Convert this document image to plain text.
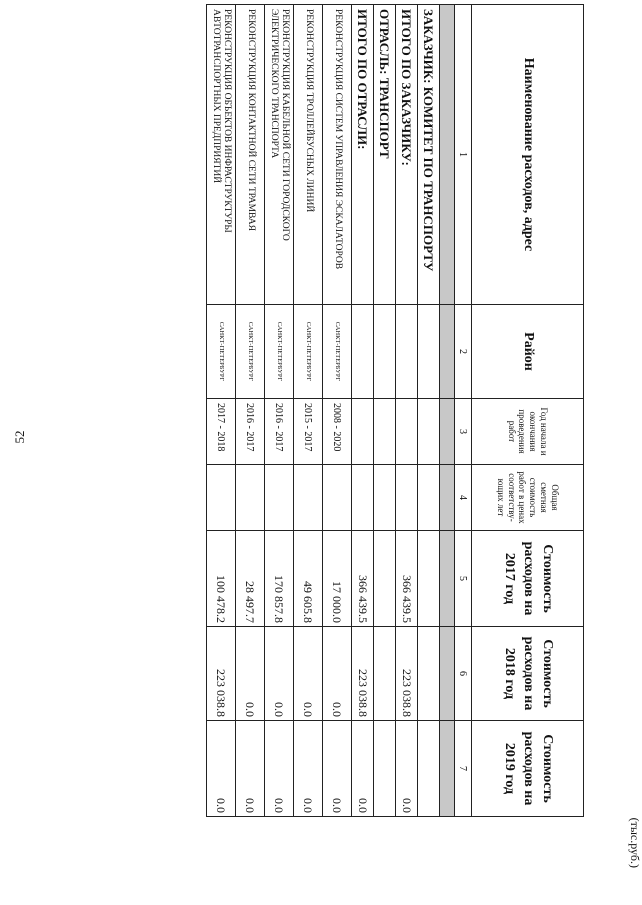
52
(тыс.руб.)
Наименование расходов, адрес	Район	Год начала и окончания проведения работ	Общая сметная стоимость работ в ценах соответству-ющих лет	Стоимость расходов на 2017 год	Стоимость расходов на 2018 год	Стоимость расходов на 2019 год
1	2	3	4	5	6	7

ЗАКАЗЧИК: КОМИТЕТ ПО ТРАНСПОРТУ						
ИТОГО ПО ЗАКАЗЧИКУ:				366 439.5	223 038.8	0.0
ОТРАСЛЬ: ТРАНСПОРТ						
ИТОГО ПО ОТРАСЛИ:				366 439.5	223 038.8	0.0
РЕКОНСТРУКЦИЯ СИСТЕМ УПРАВЛЕНИЯ ЭСКАЛАТОРОВ	САНКТ-ПЕТЕРБУРГ	2008 - 2020		17 000.0	0.0	0.0
РЕКОНСТРУКЦИЯ ТРОЛЛЕЙБУСНЫХ ЛИНИЙ	САНКТ-ПЕТЕРБУРГ	2015 - 2017		49 605.8	0.0	0.0
РЕКОНСТРУКЦИЯ КАБЕЛЬНОЙ СЕТИ ГОРОДСКОГО ЭЛЕКТРИЧЕСКОГО ТРАНСПОРТА	САНКТ-ПЕТЕРБУРГ	2016 - 2017		170 857.8	0.0	0.0
РЕКОНСТРУКЦИЯ КОНТАКТНОЙ СЕТИ ТРАМВАЯ	САНКТ-ПЕТЕРБУРГ	2016 - 2017		28 497.7	0.0	0.0
РЕКОНСТРУКЦИЯ ОБЪЕКТОВ ИНФРАСТРУКТУРЫ АВТОТРАНСПОРТНЫХ ПРЕДПРИЯТИЙ	САНКТ-ПЕТЕРБУРГ	2017 - 2018		100 478.2	223 038.8	0.0
